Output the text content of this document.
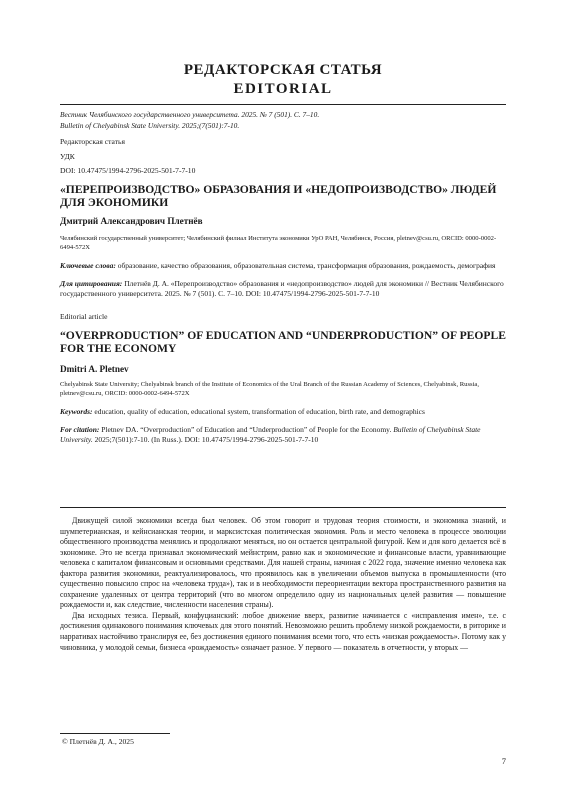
РЕДАКТОРСКАЯ СТАТЬЯ
EDITORIAL
Вестник Челябинского государственного университета. 2025. № 7 (501). С. 7–10.
Bulletin of Chelyabinsk State University. 2025;(7(501):7-10.
Редакторская статья
УДК
DOI: 10.47475/1994-2796-2025-501-7-7-10
«ПЕРЕПРОИЗВОДСТВО» ОБРАЗОВАНИЯ И «НЕДОПРОИЗВОДСТВО» ЛЮДЕЙ ДЛЯ ЭКОНОМИКИ
Дмитрий Александрович Плетнёв
Челябинский государственный университет; Челябинский филиал Института экономики УрО РАН, Челябинск, Россия, pletnev@csu.ru, ORCID: 0000-0002-6494-572X
Ключевые слова: образование, качество образования, образовательная система, трансформация образования, рождаемость, демография
Для цитирования: Плетнёв Д. А. «Перепроизводство» образования и «недопроизводство» людей для экономики // Вестник Челябинского государственного университета. 2025. № 7 (501). С. 7–10. DOI: 10.47475/1994-2796-2025-501-7-7-10
Editorial article
“OVERPRODUCTION” OF EDUCATION AND “UNDERPRODUCTION” OF PEOPLE FOR THE ECONOMY
Dmitri A. Pletnev
Chelyabinsk State University; Chelyabinsk branch of the Institute of Economics of the Ural Branch of the Russian Academy of Sciences, Chelyabinsk, Russia, pletnev@csu.ru, ORCID: 0000-0002-6494-572X
Keywords: education, quality of education, educational system, transformation of education, birth rate, and demographics
For citation: Pletnev DA. “Overproduction” of Education and “Underproduction” of People for the Economy. Bulletin of Chelyabinsk State University. 2025;7(501):7-10. (In Russ.). DOI: 10.47475/1994-2796-2025-501-7-7-10

Движущей силой экономики всегда был человек. Об этом говорит и трудовая теория стоимости, и экономика знаний, и шумпетерианская, и кейнсианская теории, и марксистская политическая экономия. Роль и место человека в процессе эволюции общественного производства менялись и продолжают меняться, но он остается центральной фигурой. Кем и для кого делается всё в экономике. Это не всегда признавал экономический мейнстрим, равно как и экономические и финансовые власти, уравнивающие человека с капиталом финансовым и основными средствами. Для нашей страны, начиная с 2022 года, значение именно человека как фактора развития экономики, реактуализировалось, что проявилось как в увеличении объемов выпуска в промышленности (что существенно повысило спрос на «человека труда»), так и в необходимости переориентации вектора пространственного развития на сохранение удаленных от центра территорий (что во многом определило одну из национальных целей развития — повышение рождаемости и, как следствие, численности населения страны).

Два исходных тезиса. Первый, конфуцианский: любое движение вверх, развитие начинается с «исправления имен», т.е. с достижения одинакового понимания ключевых для этого понятий. Невозможно решить проблему низкой рождаемости, в риторике и нарративах настойчиво транслируя ее, без достижения единого понимания всеми того, что есть «низкая рождаемость». Потому как у чиновника, у молодой семьи, бизнеса «рождаемость» означает разное. У первого — показатель в отчетности, у вторых —

© Плетнёв Д. А., 2025
7
